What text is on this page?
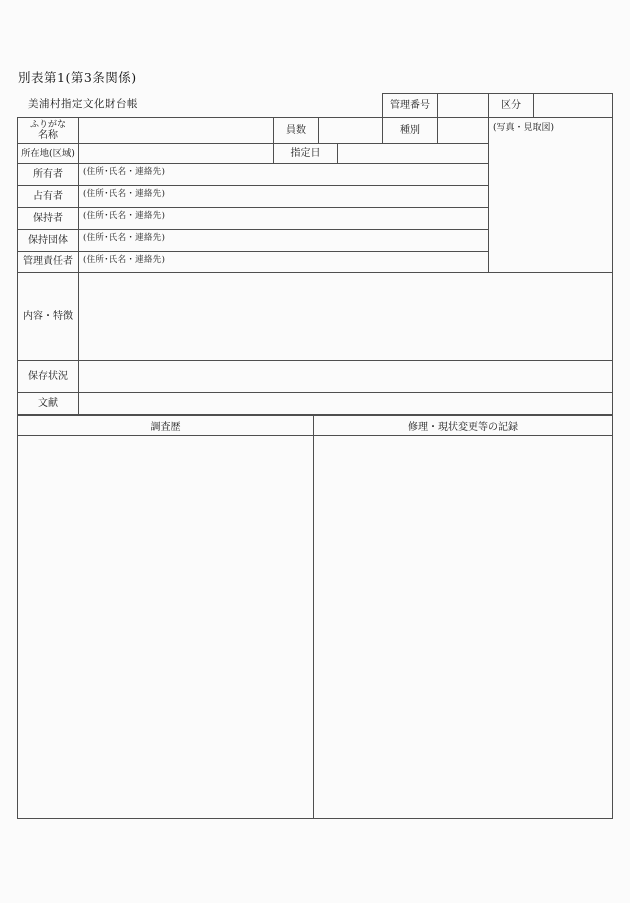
別表第1(第3条関係)
美浦村指定文化財台帳	管理番号		区分	
ふりがな
名称		員数			種別		(写真・見取図)
所在地(区域)		指定日					
所有者	(住所･氏名・連絡先)						

占有者	(住所･氏名・連絡先)						

保持者	(住所･氏名・連絡先)						

保持団体	(住所･氏名・連絡先)						

管理責任者	(住所･氏名・連絡先)						

内容・特徴							
保存状況							
文献							
調査歴	修理・現状変更等の記録
